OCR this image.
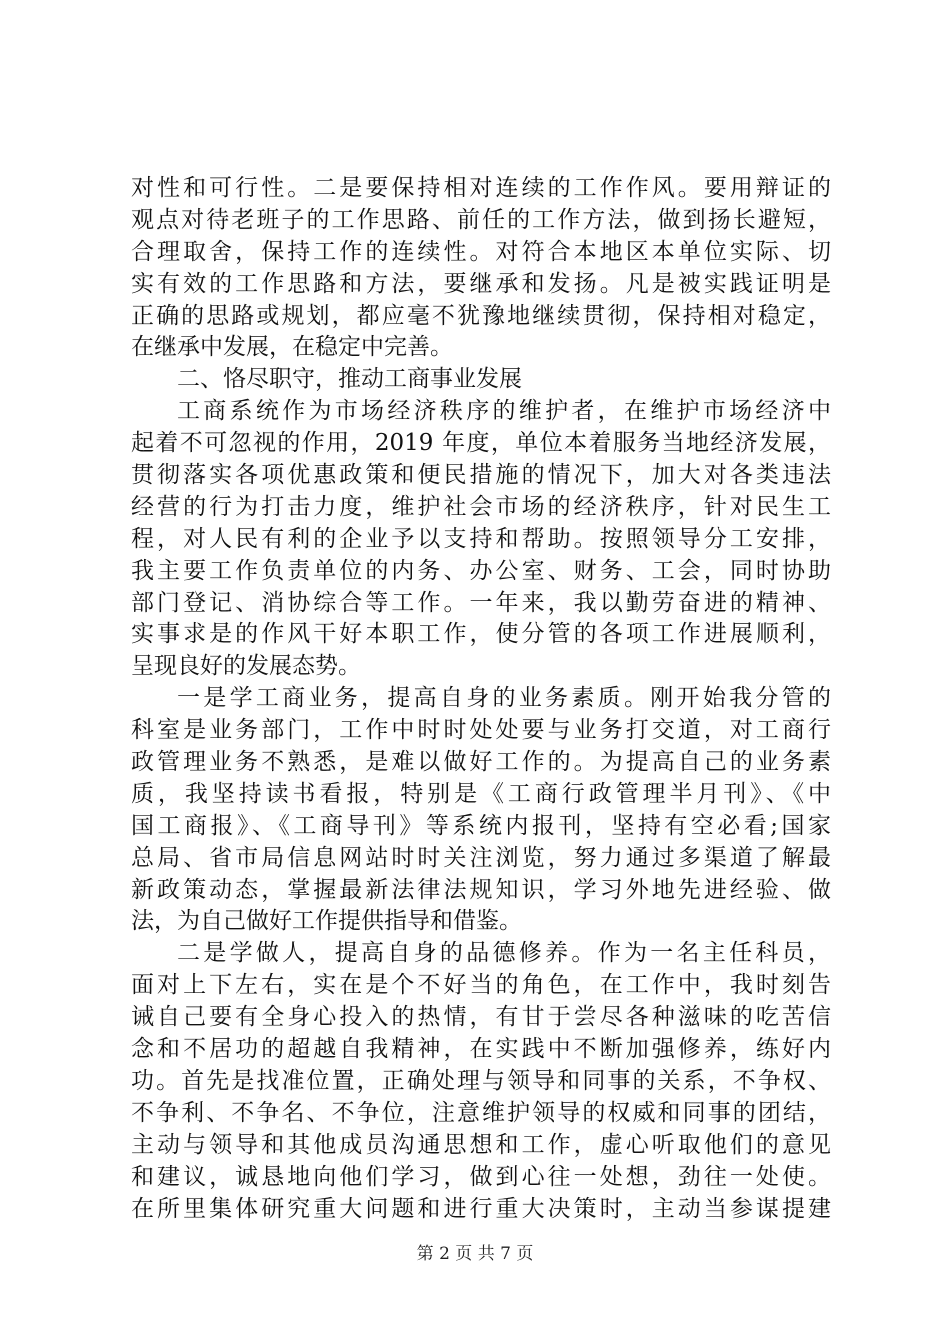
对性和可行性。二是要保持相对连续的工作作风。要用辩证的
观点对待老班子的工作思路、前任的工作方法，做到扬长避短，
合理取舍，保持工作的连续性。对符合本地区本单位实际、切
实有效的工作思路和方法，要继承和发扬。凡是被实践证明是
正确的思路或规划，都应毫不犹豫地继续贯彻，保持相对稳定，
在继承中发展，在稳定中完善。
二、恪尽职守，推动工商事业发展
工商系统作为市场经济秩序的维护者，在维护市场经济中
起着不可忽视的作用，2019 年度，单位本着服务当地经济发展，
贯彻落实各项优惠政策和便民措施的情况下，加大对各类违法
经营的行为打击力度，维护社会市场的经济秩序，针对民生工
程，对人民有利的企业予以支持和帮助。按照领导分工安排，
我主要工作负责单位的内务、办公室、财务、工会，同时协助
部门登记、消协综合等工作。一年来，我以勤劳奋进的精神、
实事求是的作风干好本职工作，使分管的各项工作进展顺利，
呈现良好的发展态势。
一是学工商业务，提高自身的业务素质。刚开始我分管的
科室是业务部门，工作中时时处处要与业务打交道，对工商行
政管理业务不熟悉，是难以做好工作的。为提高自己的业务素
质，我坚持读书看报，特别是《工商行政管理半月刊》、《中
国工商报》、《工商导刊》等系统内报刊，坚持有空必看;国家
总局、省市局信息网站时时关注浏览，努力通过多渠道了解最
新政策动态，掌握最新法律法规知识，学习外地先进经验、做
法，为自己做好工作提供指导和借鉴。
二是学做人，提高自身的品德修养。作为一名主任科员，
面对上下左右，实在是个不好当的角色，在工作中，我时刻告
诫自己要有全身心投入的热情，有甘于尝尽各种滋味的吃苦信
念和不居功的超越自我精神，在实践中不断加强修养，练好内
功。首先是找准位置，正确处理与领导和同事的关系，不争权、
不争利、不争名、不争位，注意维护领导的权威和同事的团结，
主动与领导和其他成员沟通思想和工作，虚心听取他们的意见
和建议，诚恳地向他们学习，做到心往一处想，劲往一处使。
在所里集体研究重大问题和进行重大决策时，主动当参谋提建
第 2 页 共 7 页
